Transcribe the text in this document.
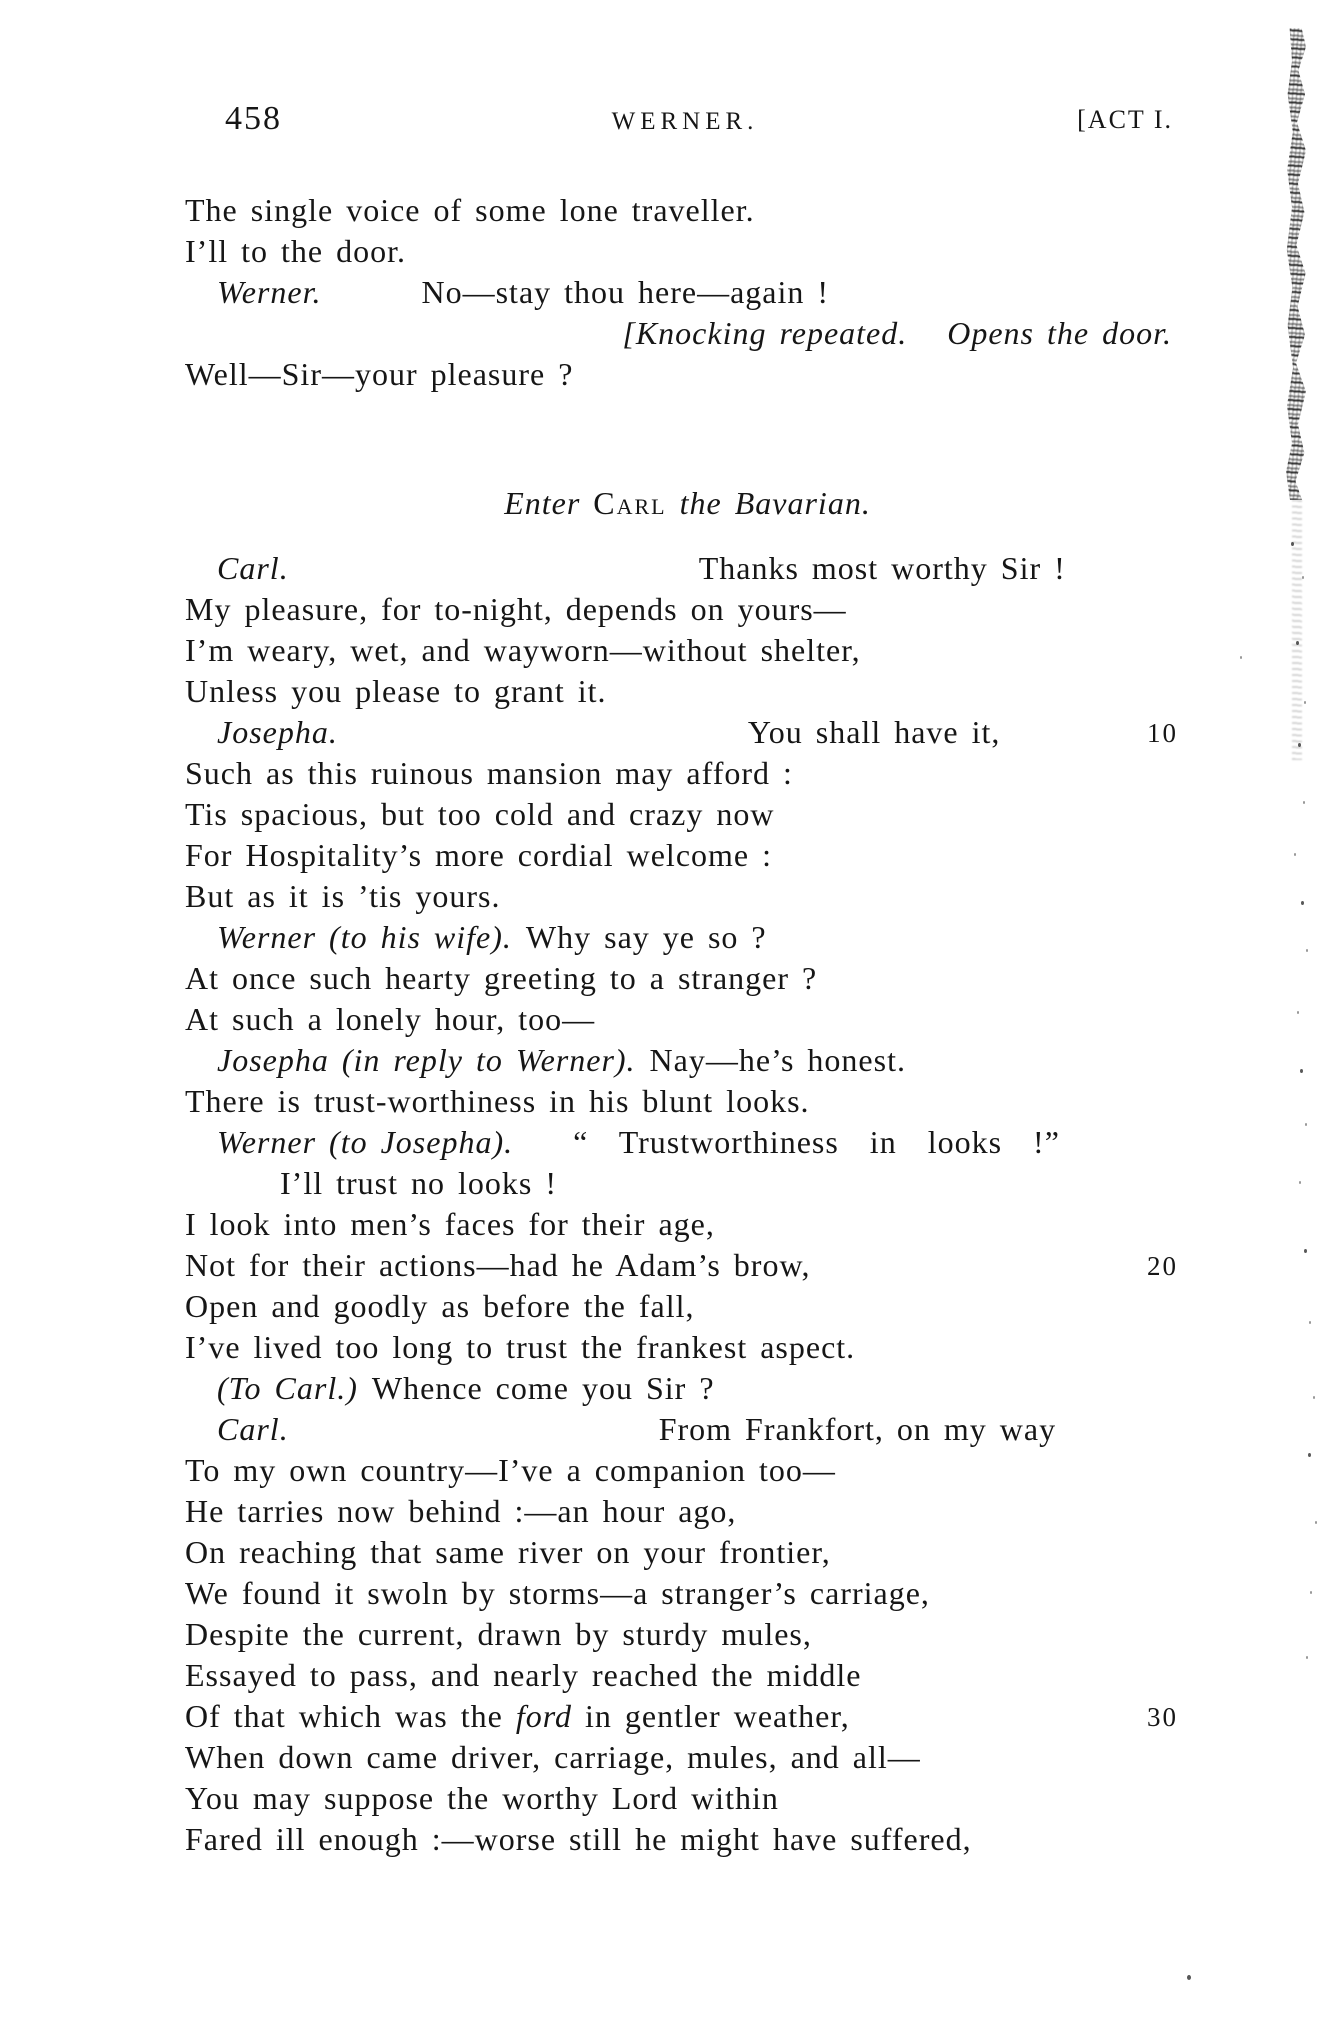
458	WERNER.	[ACT I.
The single voice of some lone traveller.
I’ll to the door.
Werner.	No—stay thou here—again !
[Knocking repeated. Opens the door.
Well—Sir—your pleasure ?
Enter Carl the Bavarian.
Carl.	Thanks most worthy Sir !
My pleasure, for to-night, depends on yours—
I’m weary, wet, and wayworn—without shelter,
Unless you please to grant it.
Josepha.	You shall have it,	10
Such as this ruinous mansion may afford :
Tis spacious, but too cold and crazy now
For Hospitality’s more cordial welcome :
But as it is ’tis yours.
Werner (to his wife). Why say ye so ?
At once such hearty greeting to a stranger ?
At such a lonely hour, too—
Josepha (in reply to Werner). Nay—he’s honest.
There is trust-worthiness in his blunt looks.
Werner (to Josepha). “ Trustworthiness in looks !”
I’ll trust no looks !
I look into men’s faces for their age,
Not for their actions—had he Adam’s brow,	20
Open and goodly as before the fall,
I’ve lived too long to trust the frankest aspect.
(To Carl.) Whence come you Sir ?
Carl.	From Frankfort, on my way
To my own country—I’ve a companion too—
He tarries now behind :—an hour ago,
On reaching that same river on your frontier,
We found it swoln by storms—a stranger’s carriage,
Despite the current, drawn by sturdy mules,
Essayed to pass, and nearly reached the middle
Of that which was the ford in gentler weather,	30
When down came driver, carriage, mules, and all—
You may suppose the worthy Lord within
Fared ill enough :—worse still he might have suffered,
